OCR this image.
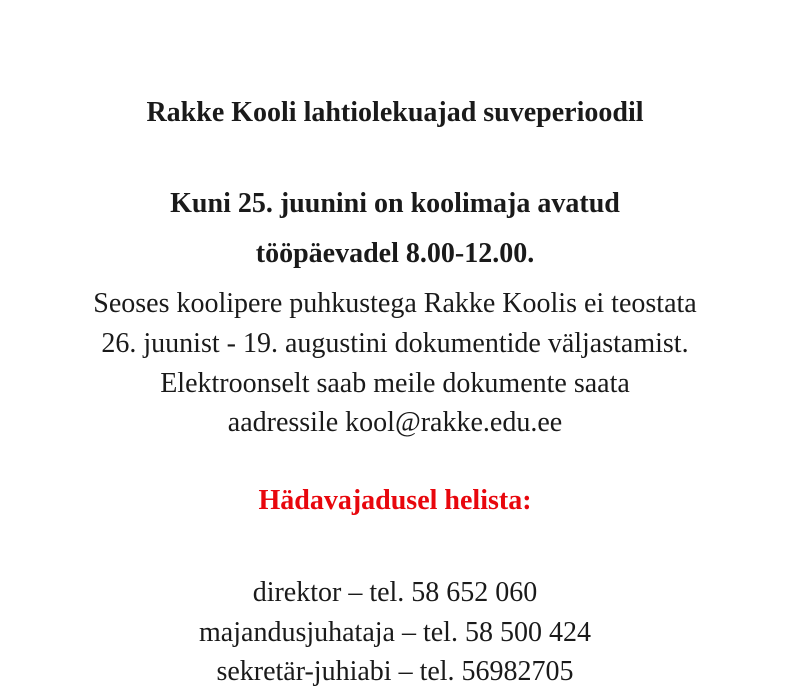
Rakke Kooli lahtiolekuajad suveperioodil
Kuni 25. juunini on koolimaja avatud
tööpäevadel 8.00-12.00.
Seoses koolipere puhkustega Rakke Koolis ei teostata
26. juunist - 19. augustini dokumentide väljastamist.
Elektroonselt saab meile dokumente saata
aadressile kool@rakke.edu.ee
Hädavajadusel helista:
direktor – tel. 58 652 060
majandusjuhataja – tel. 58 500 424
sekretär-juhiabi – tel. 56982705
